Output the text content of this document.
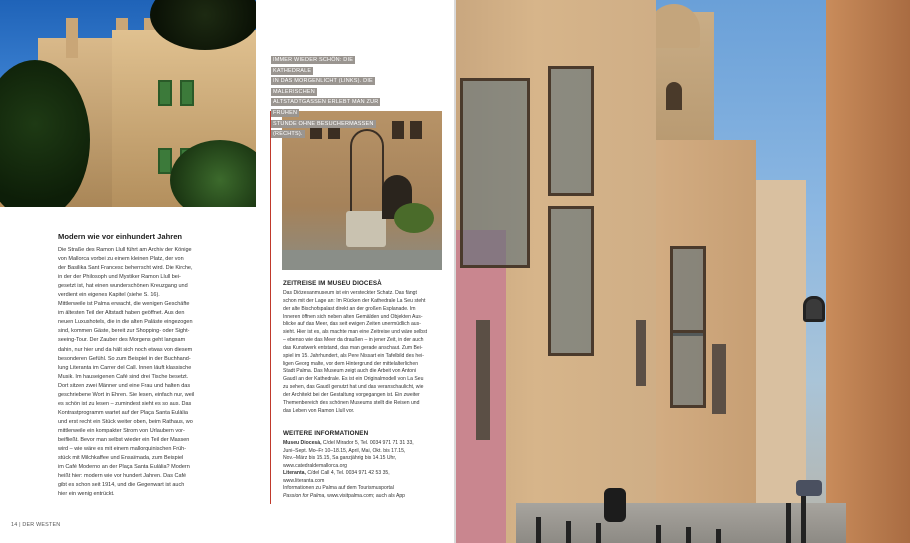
IMMER WIEDER SCHÖN: DIE KATHEDRALE
IN DAS MORGENLICHT (LINKS). DIE MALERISCHEN
ALTSTADTGASSEN ERLEBT MAN ZUR FRÜHEN
STUNDE OHNE BESUCHERMASSEN (RECHTS).
Modern wie vor einhundert Jahren

Die Straße des Ramon Llull führt am Archiv der Könige

von Mallorca vorbei zu einem kleinen Platz, der von

der Basilika Sant Francesc beherrscht wird. Die Kirche,

in der der Philosoph und Mystiker Ramon Llull bei-

gesetzt ist, hat einen wunderschönen Kreuzgang und

verdient ein eigenes Kapitel (siehe S. 16).

Mittlerweile ist Palma erwacht, die wenigen Geschäfte

im ältesten Teil der Altstadt haben geöffnet. Aus den

neuen Luxushotels, die in die alten Paläste eingezogen

sind, kommen Gäste, bereit zur Shopping- oder Sight-

seeing-Tour. Der Zauber des Morgens geht langsam

dahin, nur hier und da hält sich noch etwas von diesem

besonderen Gefühl. So zum Beispiel in der Buchhand-

lung Literanta im Carrer del Call. Innen läuft klassische

Musik. Im hauseigenen Café sind drei Tische besetzt.

Dort sitzen zwei Männer und eine Frau und halten das

geschriebene Wort in Ehren. Sie lesen, einfach nur, weil

es schön ist zu lesen – zumindest sieht es so aus. Das

Kontrastprogramm wartet auf der Plaça Santa Eulàlia

und erst recht ein Stück weiter oben, beim Rathaus, wo

mittlerweile ein kompakter Strom von Urlaubern vor-

beifließt. Bevor man selbst wieder ein Teil der Massen

wird – wie wäre es mit einem mallorquinischen Früh-

stück mit Milchkaffee und Ensaïmada, zum Beispiel

im Café Moderno an der Plaça Santa Eulàlia? Modern

heißt hier: modern wie vor hundert Jahren. Das Café

gibt es schon seit 1914, und die Gegenwart ist auch

hier ein wenig entrückt.

ZEITREISE IM MUSEU DIOCESÀ
Das Diözesanmuseum ist ein versteckter Schatz. Das fängt
schon mit der Lage an: Im Rücken der Kathedrale La Seu steht
der alte Bischofspalast direkt an der großen Esplanade. Im
Inneren öffnen sich neben alten Gemälden und Objekten Aus-
blicke auf das Meer, das seit ewigen Zeiten unermüdlich aus-
sieht. Hier ist es, als machte man eine Zeitreise und wäre selbst
– ebenso wie das Meer da draußen – in jener Zeit, in der auch
das Kunstwerk entstand, das man gerade anschaut. Zum Bei-
spiel im 15. Jahrhundert, als Pere Nissart ein Tafelbild des hei-
ligen Georg malte, vor dem Hintergrund der mittelalterlichen
Stadt Palma. Das Museum zeigt auch die Arbeit von Antoni
Gaudí an der Kathedrale. Es ist ein Originalmodell von La Seu
zu sehen, das Gaudí genutzt hat und das veranschaulicht, wie
der Architekt bei der Gestaltung vorgegangen ist. Ein zweiter
Themenbereich des schönen Museums stellt die Reisen und
das Leben von Ramon Llull vor.
WEITERE INFORMATIONEN
Museu Diocesà, C/del Mirador 5, Tel. 0034 971 71 31 33,
Juni–Sept. Mo–Fr 10–18.15, April, Mai, Okt. bis 17.15,
Nov.–März bis 15.15, Sa ganzjährig bis 14.15 Uhr,
www.catedraldemallorca.org
Literanta, C/del Call 4, Tel. 0034 971 42 53 35,
www.literanta.com
Informationen zu Palma auf dem Tourismusportal
Passion for Palma, www.visitpalma.com; auch als App
14 | DER WESTEN
